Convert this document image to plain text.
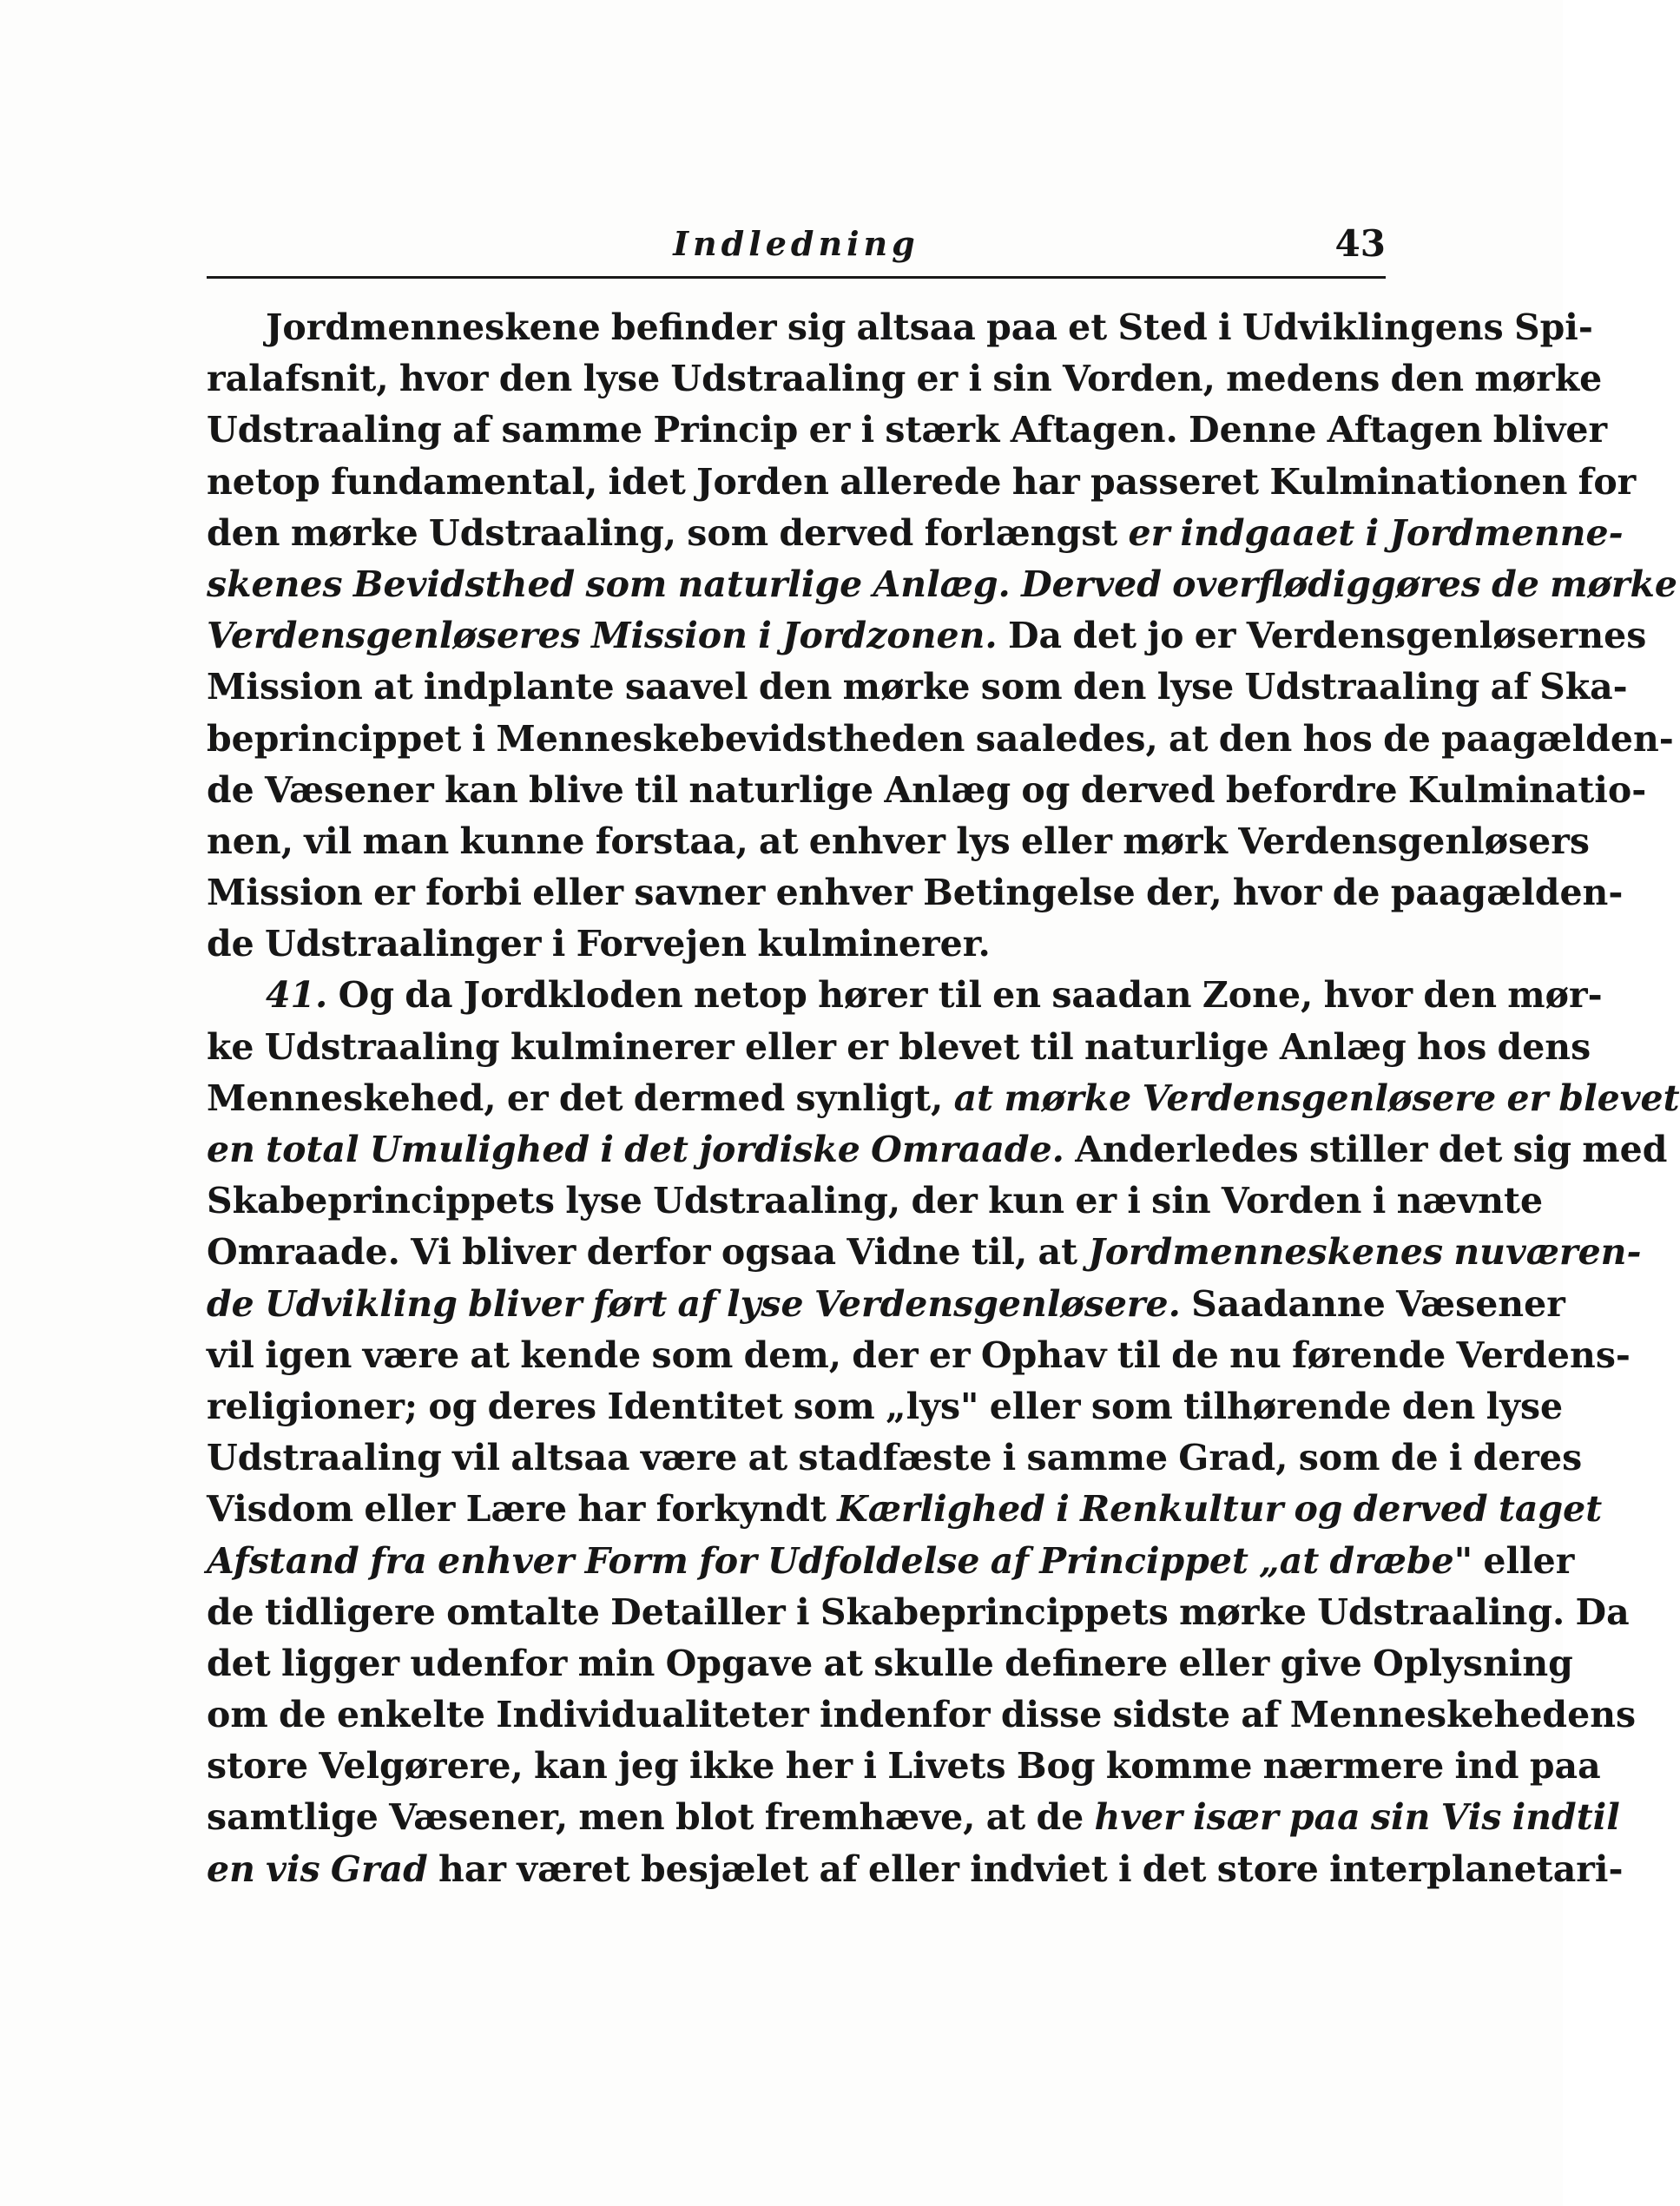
Indledning	43
Jordmenneskene befinder sig altsaa paa et Sted i Udviklingens Spi-
ralafsnit, hvor den lyse Udstraaling er i sin Vorden, medens den mørke
Udstraaling af samme Princip er i stærk Aftagen. Denne Aftagen bliver
netop fundamental, idet Jorden allerede har passeret Kulminationen for
den mørke Udstraaling, som derved forlængst er indgaaet i Jordmenne-
skenes Bevidsthed som naturlige Anlæg. Derved overflødiggøres de mørke
Verdensgenløseres Mission i Jordzonen. Da det jo er Verdensgenløsernes
Mission at indplante saavel den mørke som den lyse Udstraaling af Ska-
beprincippet i Menneskebevidstheden saaledes, at den hos de paagælden-
de Væsener kan blive til naturlige Anlæg og derved befordre Kulminatio-
nen, vil man kunne forstaa, at enhver lys eller mørk Verdensgenløsers
Mission er forbi eller savner enhver Betingelse der, hvor de paagælden-
de Udstraalinger i Forvejen kulminerer.
41. Og da Jordkloden netop hører til en saadan Zone, hvor den mør-
ke Udstraaling kulminerer eller er blevet til naturlige Anlæg hos dens
Menneskehed, er det dermed synligt, at mørke Verdensgenløsere er blevet
en total Umulighed i det jordiske Omraade. Anderledes stiller det sig med
Skabeprincippets lyse Udstraaling, der kun er i sin Vorden i nævnte
Omraade. Vi bliver derfor ogsaa Vidne til, at Jordmenneskenes nuværen-
de Udvikling bliver ført af lyse Verdensgenløsere. Saadanne Væsener
vil igen være at kende som dem, der er Ophav til de nu førende Verdens-
religioner; og deres Identitet som „lys" eller som tilhørende den lyse
Udstraaling vil altsaa være at stadfæste i samme Grad, som de i deres
Visdom eller Lære har forkyndt Kærlighed i Renkultur og derved taget
Afstand fra enhver Form for Udfoldelse af Princippet „at dræbe" eller
de tidligere omtalte Detailler i Skabeprincippets mørke Udstraaling. Da
det ligger udenfor min Opgave at skulle definere eller give Oplysning
om de enkelte Individualiteter indenfor disse sidste af Menneskehedens
store Velgørere, kan jeg ikke her i Livets Bog komme nærmere ind paa
samtlige Væsener, men blot fremhæve, at de hver især paa sin Vis indtil
en vis Grad har været besjælet af eller indviet i det store interplanetari-
